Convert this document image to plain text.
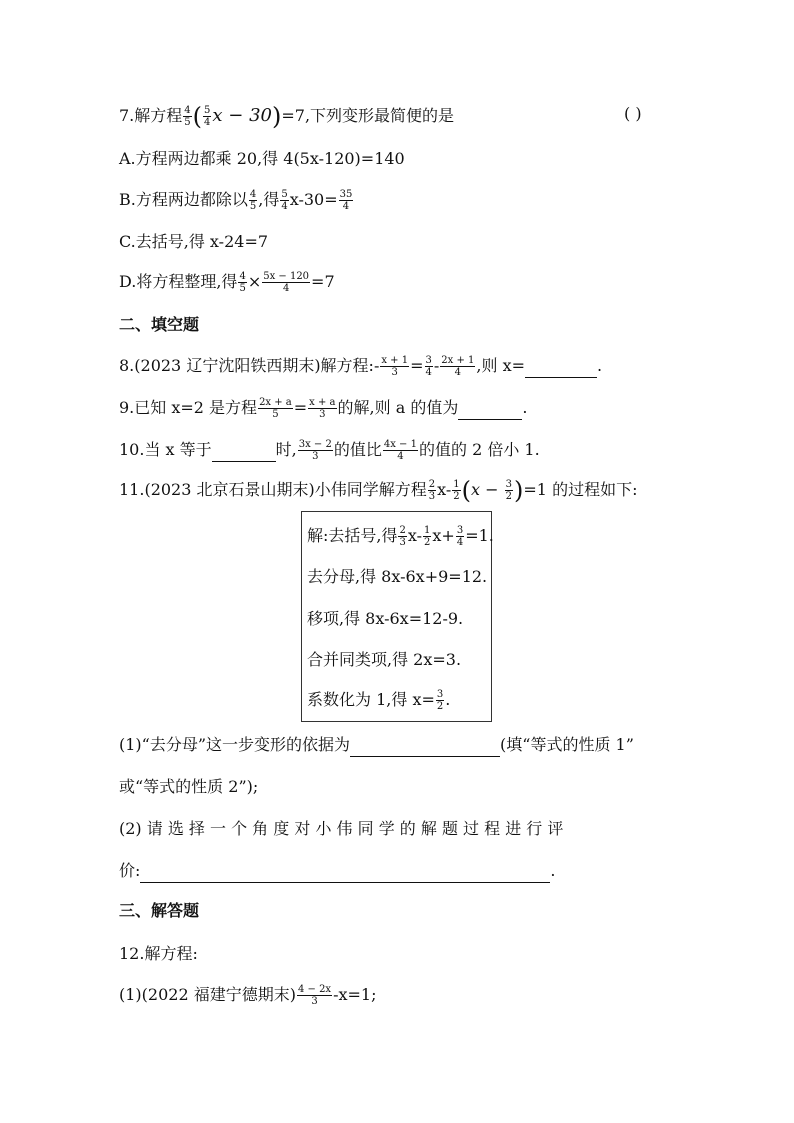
7.解方程 $\frac{4}{5}$ ( $\frac{5}{4}$ x − 30)=7,下列变形最简便的是	( )
A.方程两边都乘 20,得 4(5x-120)=140
B.方程两边都除以 $\frac{4}{5}$ ,得 $\frac{5}{4} x-30= \frac{35}{4}$
C.去括号,得 x-24=7
D.将方程整理,得 $\frac{4}{5} \times \frac{5x - 120}{4} =7$
二、填空题
8.(2023 辽宁沈阳铁西期末)解方程:- $\frac{x + 1}{3} = \frac{3}{4} - \frac{2x + 1}{4}$ ,则 x=	.
9.已知 x=2 是方程 $\frac{2x + a}{5} = \frac{x + a}{3}$ 的解,则 a 的值为	.
10.当 x 等于	时, $\frac{3x - 2}{3}$ 的值比 $\frac{4x - 1}{4}$ 的值的 2 倍小 1.
11.(2023 北京石景山期末)小伟同学解方程 $\frac{2}{3} x- \frac{1}{2} (x - \frac{3}{2} )=1$ 的过程如下:
解:去括号,得 $\frac{2}{3} x- \frac{1}{2} x+ \frac{3}{4} =1$.
去分母,得 8x-6x+9=12.
移项,得 8x-6x=12-9.
合并同类项,得 2x=3.
系数化为 1,得 $x= \frac{3}{2}$ .
(1)“去分母”这一步变形的依据为	(填“等式的性质 1”
或“等式的性质 2”);
(2) 请 选 择 一 个 角 度 对 小 伟 同 学 的 解 题 过 程 进 行 评
价:	.
三、解答题
12.解方程:
(1)(2022 福建宁德期末) $\frac{4 - 2x}{3} -x=1$;
